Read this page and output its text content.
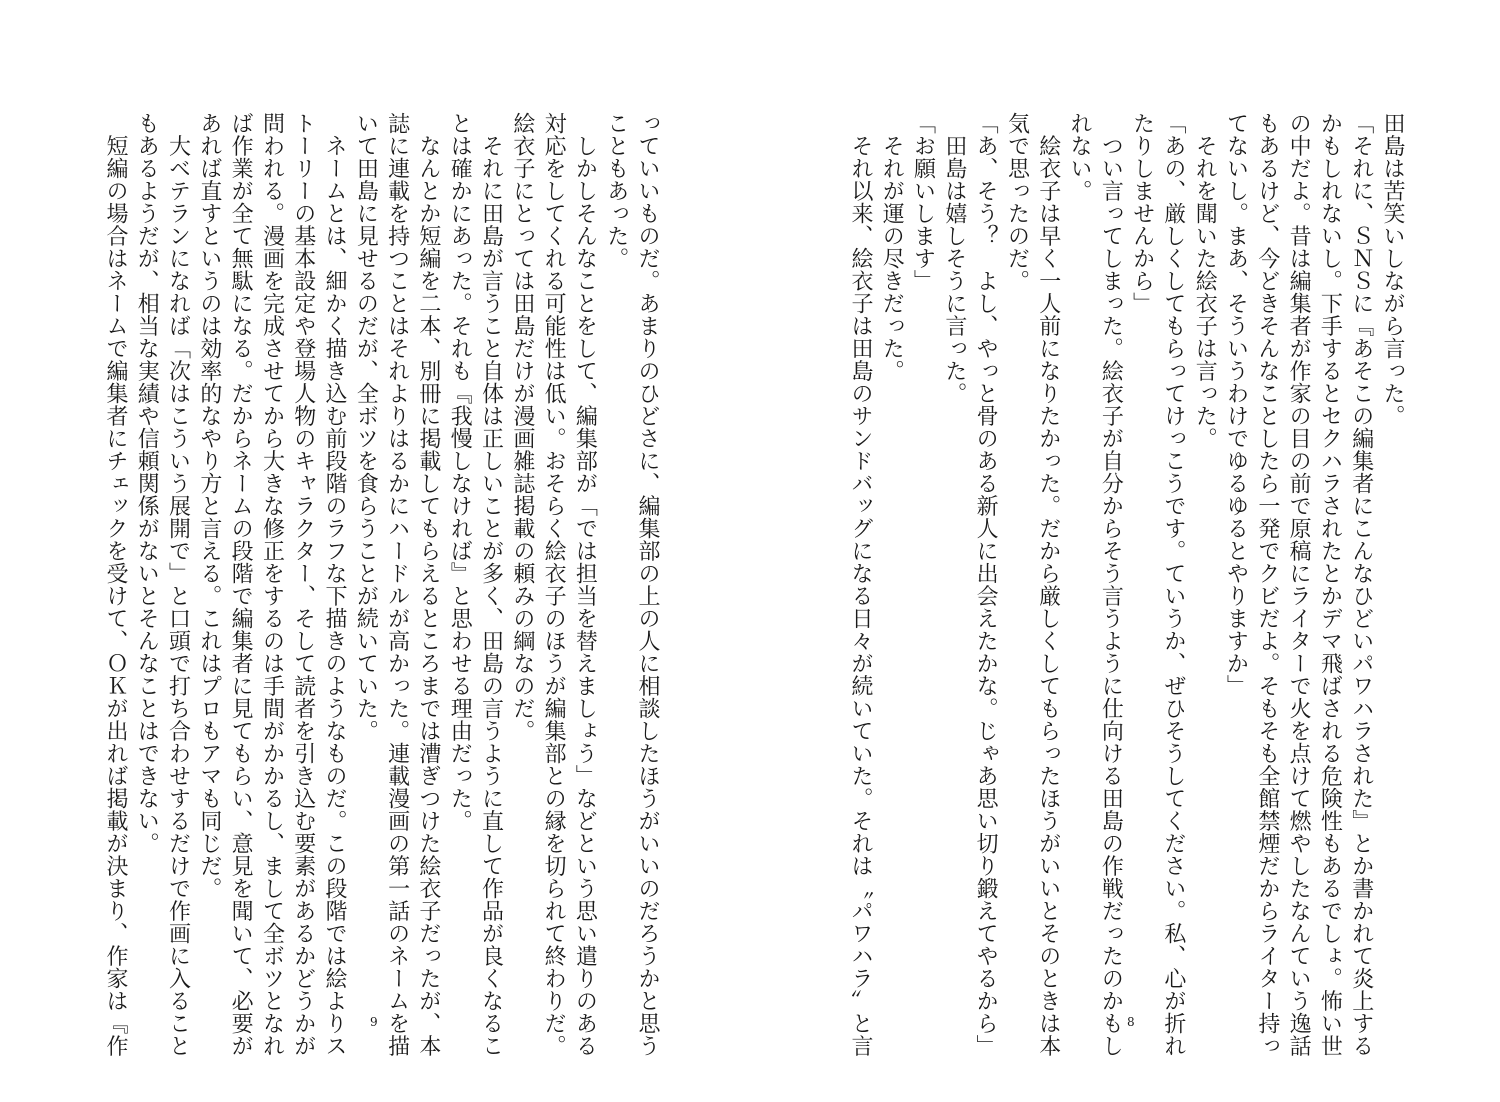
田島は苦笑いしながら言った。

「それに、ＳＮＳに『あそこの編集者にこんなひどいパワハラされた』とか書かれて炎上する

かもしれないし。下手するとセクハラされたとかデマ飛ばされる危険性もあるでしょ。怖い世

の中だよ。昔は編集者が作家の目の前で原稿にライターで火を点けて燃やしたなんていう逸話

もあるけど、今どきそんなことしたら一発でクビだよ。そもそも全館禁煙だからライター持っ

てないし。まあ、そういうわけでゆるゆるとやりますか」

　それを聞いた絵衣子は言った。

「あの、厳しくしてもらってけっこうです。ていうか、ぜひそうしてください。私、心が折れ

たりしませんから」

　つい言ってしまった。絵衣子が自分からそう言うように仕向ける田島の作戦だったのかもし

れない。

　絵衣子は早く一人前になりたかった。だから厳しくしてもらったほうがいいとそのときは本

気で思ったのだ。

「あ、そう？　よし、やっと骨のある新人に出会えたかな。じゃあ思い切り鍛えてやるから」

　田島は嬉しそうに言った。

「お願いします」

　それが運の尽きだった。

　それ以来、絵衣子は田島のサンドバッグになる日々が続いていた。それは〝パワハラ〟と言	8

っていいものだ。あまりのひどさに、編集部の上の人に相談したほうがいいのだろうかと思う

こともあった。

　しかしそんなことをして、編集部が「では担当を替えましょう」などという思い遣りのある

対応をしてくれる可能性は低い。おそらく絵衣子のほうが編集部との縁を切られて終わりだ。

絵衣子にとっては田島だけが漫画雑誌掲載の頼みの綱なのだ。

　それに田島が言うこと自体は正しいことが多く、田島の言うように直して作品が良くなるこ

とは確かにあった。それも『我慢しなければ』と思わせる理由だった。

　なんとか短編を二本、別冊に掲載してもらえるところまでは漕ぎつけた絵衣子だったが、本

誌に連載を持つことはそれよりはるかにハードルが高かった。連載漫画の第一話のネームを描

いて田島に見せるのだが、全ボツを食らうことが続いていた。

　ネームとは、細かく描き込む前段階のラフな下描きのようなものだ。この段階では絵よりス

トーリーの基本設定や登場人物のキャラクター、そして読者を引き込む要素があるかどうかが

問われる。漫画を完成させてから大きな修正をするのは手間がかかるし、まして全ボツとなれ

ば作業が全て無駄になる。だからネームの段階で編集者に見てもらい、意見を聞いて、必要が

あれば直すというのは効率的なやり方と言える。これはプロもアマも同じだ。

　大ベテランになれば「次はこういう展開で」と口頭で打ち合わせするだけで作画に入ること

もあるようだが、相当な実績や信頼関係がないとそんなことはできない。

　短編の場合はネームで編集者にチェックを受けて、ＯＫが出れば掲載が決まり、作家は『作	9
